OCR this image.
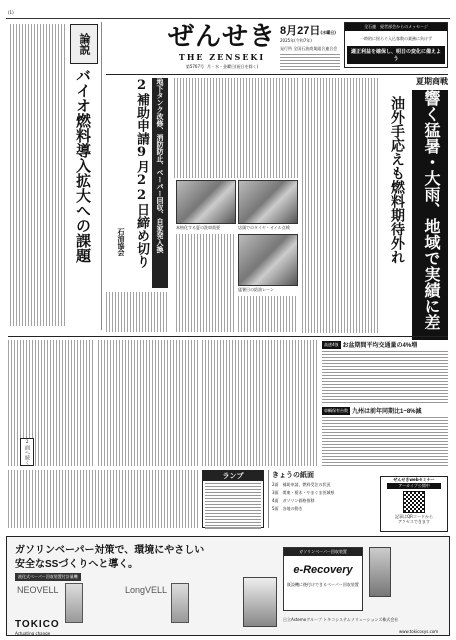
(1)
論説
バイオ燃料導入拡大への課題
ぜんせき
THE ZENSEKI
第5767号 月・水・金曜日(祝日を除く)
8月27日(水曜日)
2025年(令和7年)
発行所 全国石油商業組合連合会
全石連　経営部会からのメッセージ
一時的に揺らぐ入込客数の業務に負けず
適正利益を確保し、明日の変化に備えよう
夏期商戦
響く猛暑・大雨、地域で実績に差
油外手応えも燃料期待外れ
地下タンク改修、消防防止、ベーパー回収、自家発入換
2補助申請9月22日締め切り
石油協会
本格化する夏の洗車需要	店頭でのタイヤ・オイル点検
猛暑日の給油レーン
2面へ続く
高速4強 お盆期間平均交通量の4%増
車輌保有台数 九州は前年同期比1~8%減
ランプ	きょうの紙面
2面　補助申請、燃料受注の状況
3面　関東・栃木・やまぐま茨城県
4面　ガソリン価格推移
5面　各地の動き
ぜんせきwebセミナー
アーカイブ公開中
記事はQRコードから
アクセスできます
ガソリンベーパー対策で、環境にやさしい
安全なSSづくりへと導く。
液化式ベーパー回収装置付計量機
NEOVELL	LongVELL
ガソリンベーパー回収装置
e-Recovery
既設機に後付けできるベーパー回収装置
TOKICO
Actuating change
日立Astemoグループ トキコシステムソリューションズ株式会社
www.tokicosys.com
